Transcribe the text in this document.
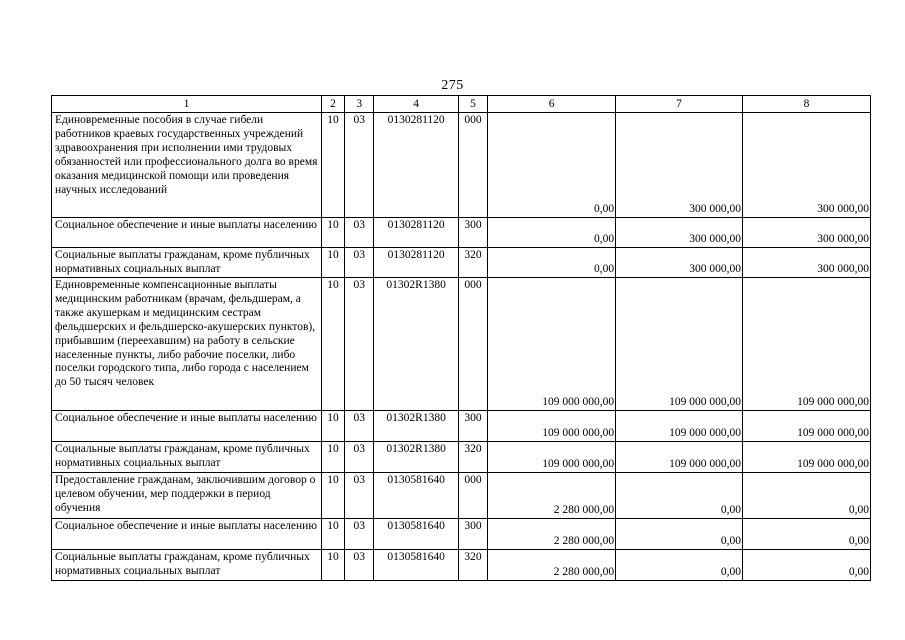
275
1	2	3	4	5	6	7	8
Единовременные пособия в случае гибели работников краевых государственных учреждений здравоохранения при исполнении ими трудовых обязанностей или профессионального долга во время оказания медицинской помощи или проведения научных исследований	10	03	0130281120	000	0,00	300 000,00	300 000,00
Социальное обеспечение и иные выплаты населению	10	03	0130281120	300	0,00	300 000,00	300 000,00
Социальные выплаты гражданам, кроме публичных нормативных социальных выплат	10	03	0130281120	320	0,00	300 000,00	300 000,00
Единовременные компенсационные выплаты медицинским работникам (врачам, фельдшерам, а также акушеркам и медицинским сестрам фельдшерских и фельдшерско-акушерских пунктов), прибывшим (переехавшим) на работу в сельские населенные пункты, либо рабочие поселки, либо поселки городского типа, либо города с населением до 50 тысяч человек	10	03	01302R1380	000	109 000 000,00	109 000 000,00	109 000 000,00
Социальное обеспечение и иные выплаты населению	10	03	01302R1380	300	109 000 000,00	109 000 000,00	109 000 000,00
Социальные выплаты гражданам, кроме публичных нормативных социальных выплат	10	03	01302R1380	320	109 000 000,00	109 000 000,00	109 000 000,00
Предоставление гражданам, заключившим договор о целевом обучении, мер поддержки в период обучения	10	03	0130581640	000	2 280 000,00	0,00	0,00
Социальное обеспечение и иные выплаты населению	10	03	0130581640	300	2 280 000,00	0,00	0,00
Социальные выплаты гражданам, кроме публичных нормативных социальных выплат	10	03	0130581640	320	2 280 000,00	0,00	0,00
